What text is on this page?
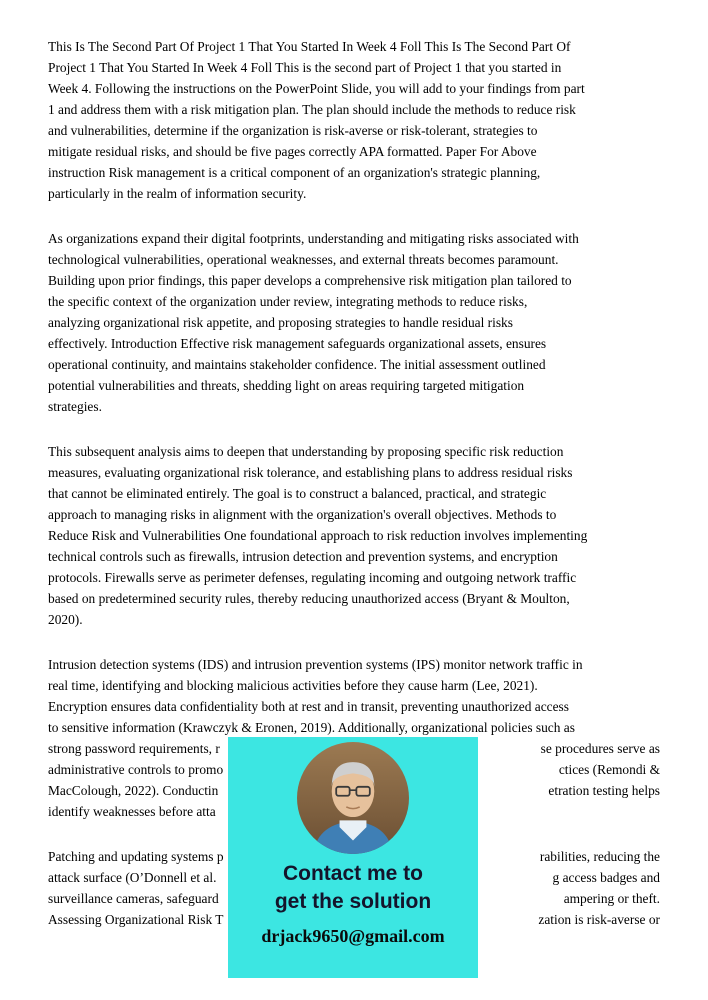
This Is The Second Part Of Project 1 That You Started In Week 4 Foll This Is The Second Part Of
Project 1 That You Started In Week 4 Foll This is the second part of Project 1 that you started in
Week 4. Following the instructions on the PowerPoint Slide, you will add to your findings from part
1 and address them with a risk mitigation plan. The plan should include the methods to reduce risk
and vulnerabilities, determine if the organization is risk-averse or risk-tolerant, strategies to
mitigate residual risks, and should be five pages correctly APA formatted. Paper For Above
instruction Risk management is a critical component of an organization's strategic planning,
particularly in the realm of information security.
As organizations expand their digital footprints, understanding and mitigating risks associated with
technological vulnerabilities, operational weaknesses, and external threats becomes paramount.
Building upon prior findings, this paper develops a comprehensive risk mitigation plan tailored to
the specific context of the organization under review, integrating methods to reduce risks,
analyzing organizational risk appetite, and proposing strategies to handle residual risks
effectively. Introduction Effective risk management safeguards organizational assets, ensures
operational continuity, and maintains stakeholder confidence. The initial assessment outlined
potential vulnerabilities and threats, shedding light on areas requiring targeted mitigation
strategies.
This subsequent analysis aims to deepen that understanding by proposing specific risk reduction
measures, evaluating organizational risk tolerance, and establishing plans to address residual risks
that cannot be eliminated entirely. The goal is to construct a balanced, practical, and strategic
approach to managing risks in alignment with the organization's overall objectives. Methods to
Reduce Risk and Vulnerabilities One foundational approach to risk reduction involves implementing
technical controls such as firewalls, intrusion detection and prevention systems, and encryption
protocols. Firewalls serve as perimeter defenses, regulating incoming and outgoing network traffic
based on predetermined security rules, thereby reducing unauthorized access (Bryant & Moulton,
2020).
Intrusion detection systems (IDS) and intrusion prevention systems (IPS) monitor network traffic in
real time, identifying and blocking malicious activities before they cause harm (Lee, 2021).
Encryption ensures data confidentiality both at rest and in transit, preventing unauthorized access
to sensitive information (Krawczyk & Eronen, 2019). Additionally, organizational policies such as
strong password requirements, r	se procedures serve as
administrative controls to promo	ctices (Remondi &
MacColough, 2022). Conductin	etration testing helps
identify weaknesses before atta
Patching and updating systems p	rabilities, reducing the
attack surface (O’Donnell et al.	g access badges and
surveillance cameras, safeguard	ampering or theft.
Assessing Organizational Risk T	zation is risk-averse or
Contact me to
get the solution
drjack9650@gmail.com
